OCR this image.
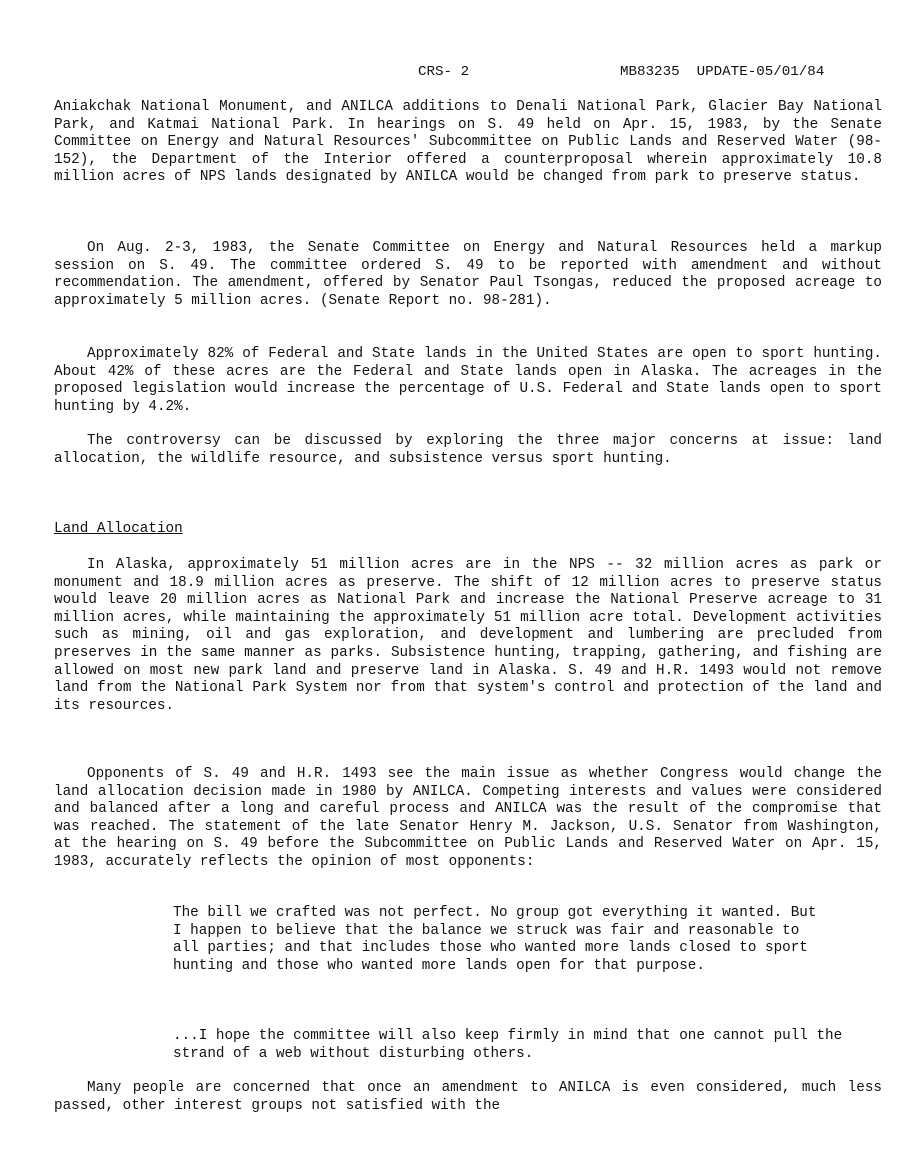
CRS- 2	MB83235  UPDATE-05/01/84

Aniakchak National Monument, and ANILCA additions to Denali National Park, Glacier Bay National Park, and Katmai National Park. In hearings on S. 49 held on Apr. 15, 1983, by the Senate Committee on Energy and Natural Resources' Subcommittee on Public Lands and Reserved Water (98-152), the Department of the Interior offered a counterproposal wherein approximately 10.8 million acres of NPS lands designated by ANILCA would be changed from park to preserve status.

On Aug. 2-3, 1983, the Senate Committee on Energy and Natural Resources held a markup session on S. 49. The committee ordered S. 49 to be reported with amendment and without recommendation. The amendment, offered by Senator Paul Tsongas, reduced the proposed acreage to approximately 5 million acres. (Senate Report no. 98-281).

Approximately 82% of Federal and State lands in the United States are open to sport hunting. About 42% of these acres are the Federal and State lands open in Alaska. The acreages in the proposed legislation would increase the percentage of U.S. Federal and State lands open to sport hunting by 4.2%.

The controversy can be discussed by exploring the three major concerns at issue: land allocation, the wildlife resource, and subsistence versus sport hunting.

Land Allocation

In Alaska, approximately 51 million acres are in the NPS -- 32 million acres as park or monument and 18.9 million acres as preserve. The shift of 12 million acres to preserve status would leave 20 million acres as National Park and increase the National Preserve acreage to 31 million acres, while maintaining the approximately 51 million acre total. Development activities such as mining, oil and gas exploration, and development and lumbering are precluded from preserves in the same manner as parks. Subsistence hunting, trapping, gathering, and fishing are allowed on most new park land and preserve land in Alaska. S. 49 and H.R. 1493 would not remove land from the National Park System nor from that system's control and protection of the land and its resources.

Opponents of S. 49 and H.R. 1493 see the main issue as whether Congress would change the land allocation decision made in 1980 by ANILCA. Competing interests and values were considered and balanced after a long and careful process and ANILCA was the result of the compromise that was reached. The statement of the late Senator Henry M. Jackson, U.S. Senator from Washington, at the hearing on S. 49 before the Subcommittee on Public Lands and Reserved Water on Apr. 15, 1983, accurately reflects the opinion of most opponents:

The bill we crafted was not perfect. No group got everything it wanted. But I happen to believe that the balance we struck was fair and reasonable to all parties; and that includes those who wanted more lands closed to sport hunting and those who wanted more lands open for that purpose.

...I hope the committee will also keep firmly in mind that one cannot pull the strand of a web without disturbing others.

Many people are concerned that once an amendment to ANILCA is even considered, much less passed, other interest groups not satisfied with the
